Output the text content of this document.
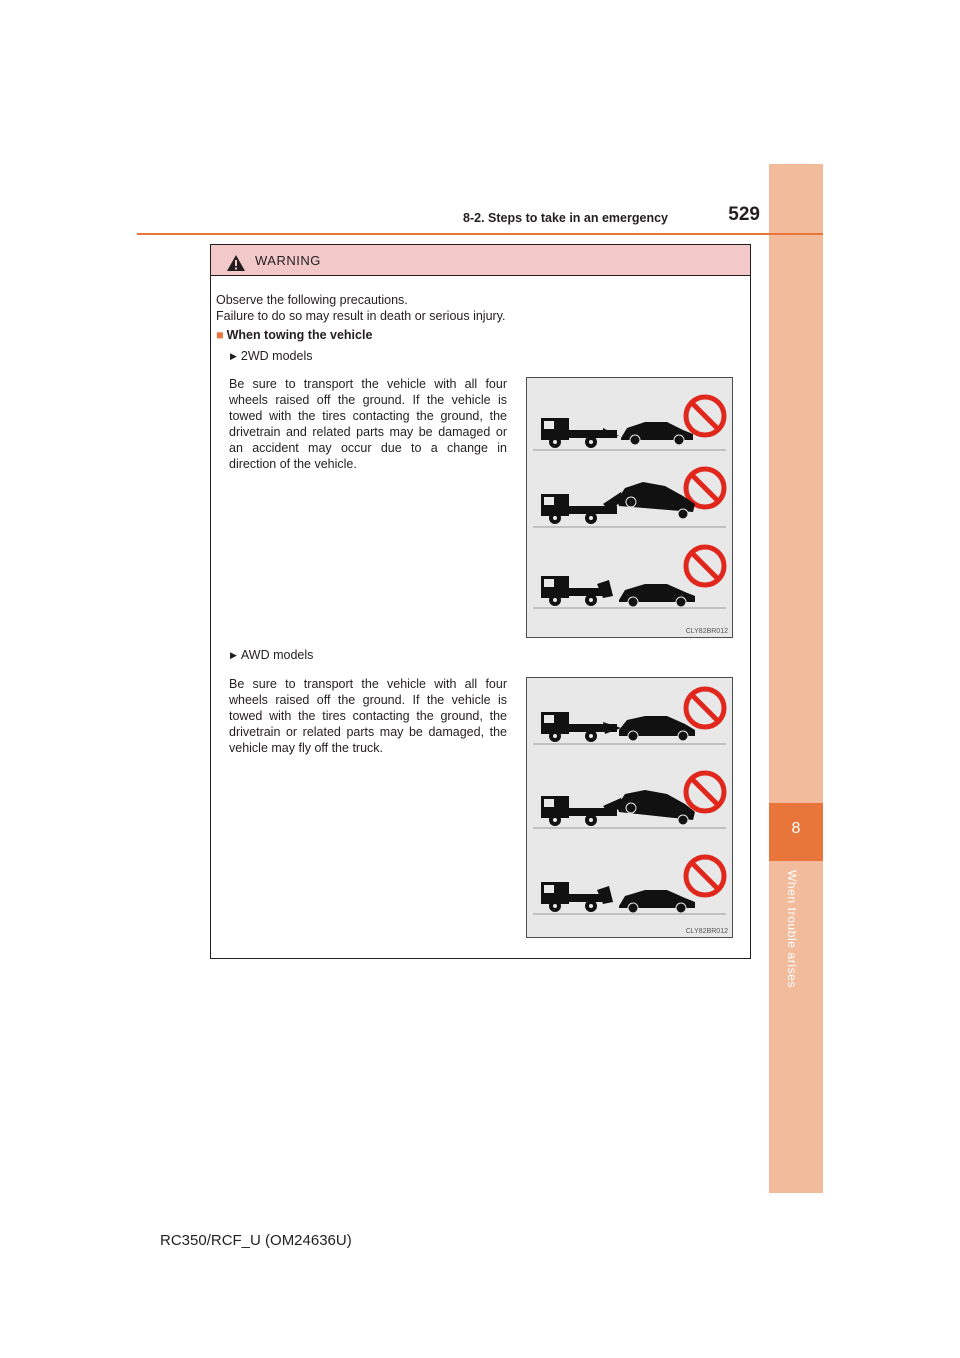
8
When trouble arises
8-2. Steps to take in an emergency	529
WARNING
Observe the following precautions.
Failure to do so may result in death or serious injury.
■ When towing the vehicle
▶ 2WD models
Be sure to transport the vehicle with all four wheels raised off the ground. If the vehicle is towed with the tires contacting the ground, the drivetrain and related parts may be damaged or an accident may occur due to a change in direction of the vehicle.
CLY82BR012
▶ AWD models
Be sure to transport the vehicle with all four wheels raised off the ground. If the vehicle is towed with the tires contacting the ground, the drivetrain or related parts may be damaged, the vehicle may fly off the truck.
CLY82BR012
RC350/RCF_U (OM24636U)
